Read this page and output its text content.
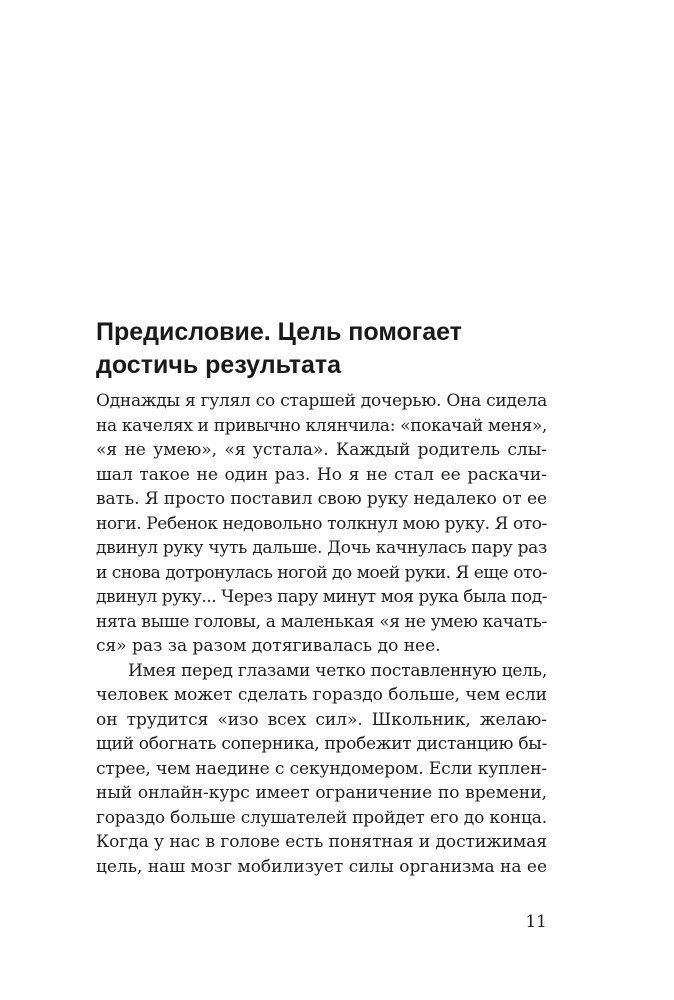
Предисловие. Цель помогает
достичь результата
Однажды я гулял со старшей дочерью. Она сидела
на качелях и привычно клянчила: «покачай меня»,
«я не умею», «я устала». Каждый родитель слы-
шал такое не один раз. Но я не стал ее раскачи-
вать. Я просто поставил свою руку недалеко от ее
ноги. Ребенок недовольно толкнул мою руку. Я ото-
двинул руку чуть дальше. Дочь качнулась пару раз
и снова дотронулась ногой до моей руки. Я еще ото-
двинул руку... Через пару минут моя рука была под-
нята выше головы, а маленькая «я не умею качать-
ся» раз за разом дотягивалась до нее.
Имея перед глазами четко поставленную цель,
человек может сделать гораздо больше, чем если
он трудится «изо всех сил». Школьник, желаю-
щий обогнать соперника, пробежит дистанцию бы-
стрее, чем наедине с секундомером. Если куплен-
ный онлайн-курс имеет ограничение по времени,
гораздо больше слушателей пройдет его до конца.
Когда у нас в голове есть понятная и достижимая
цель, наш мозг мобилизует силы организма на ее
11
